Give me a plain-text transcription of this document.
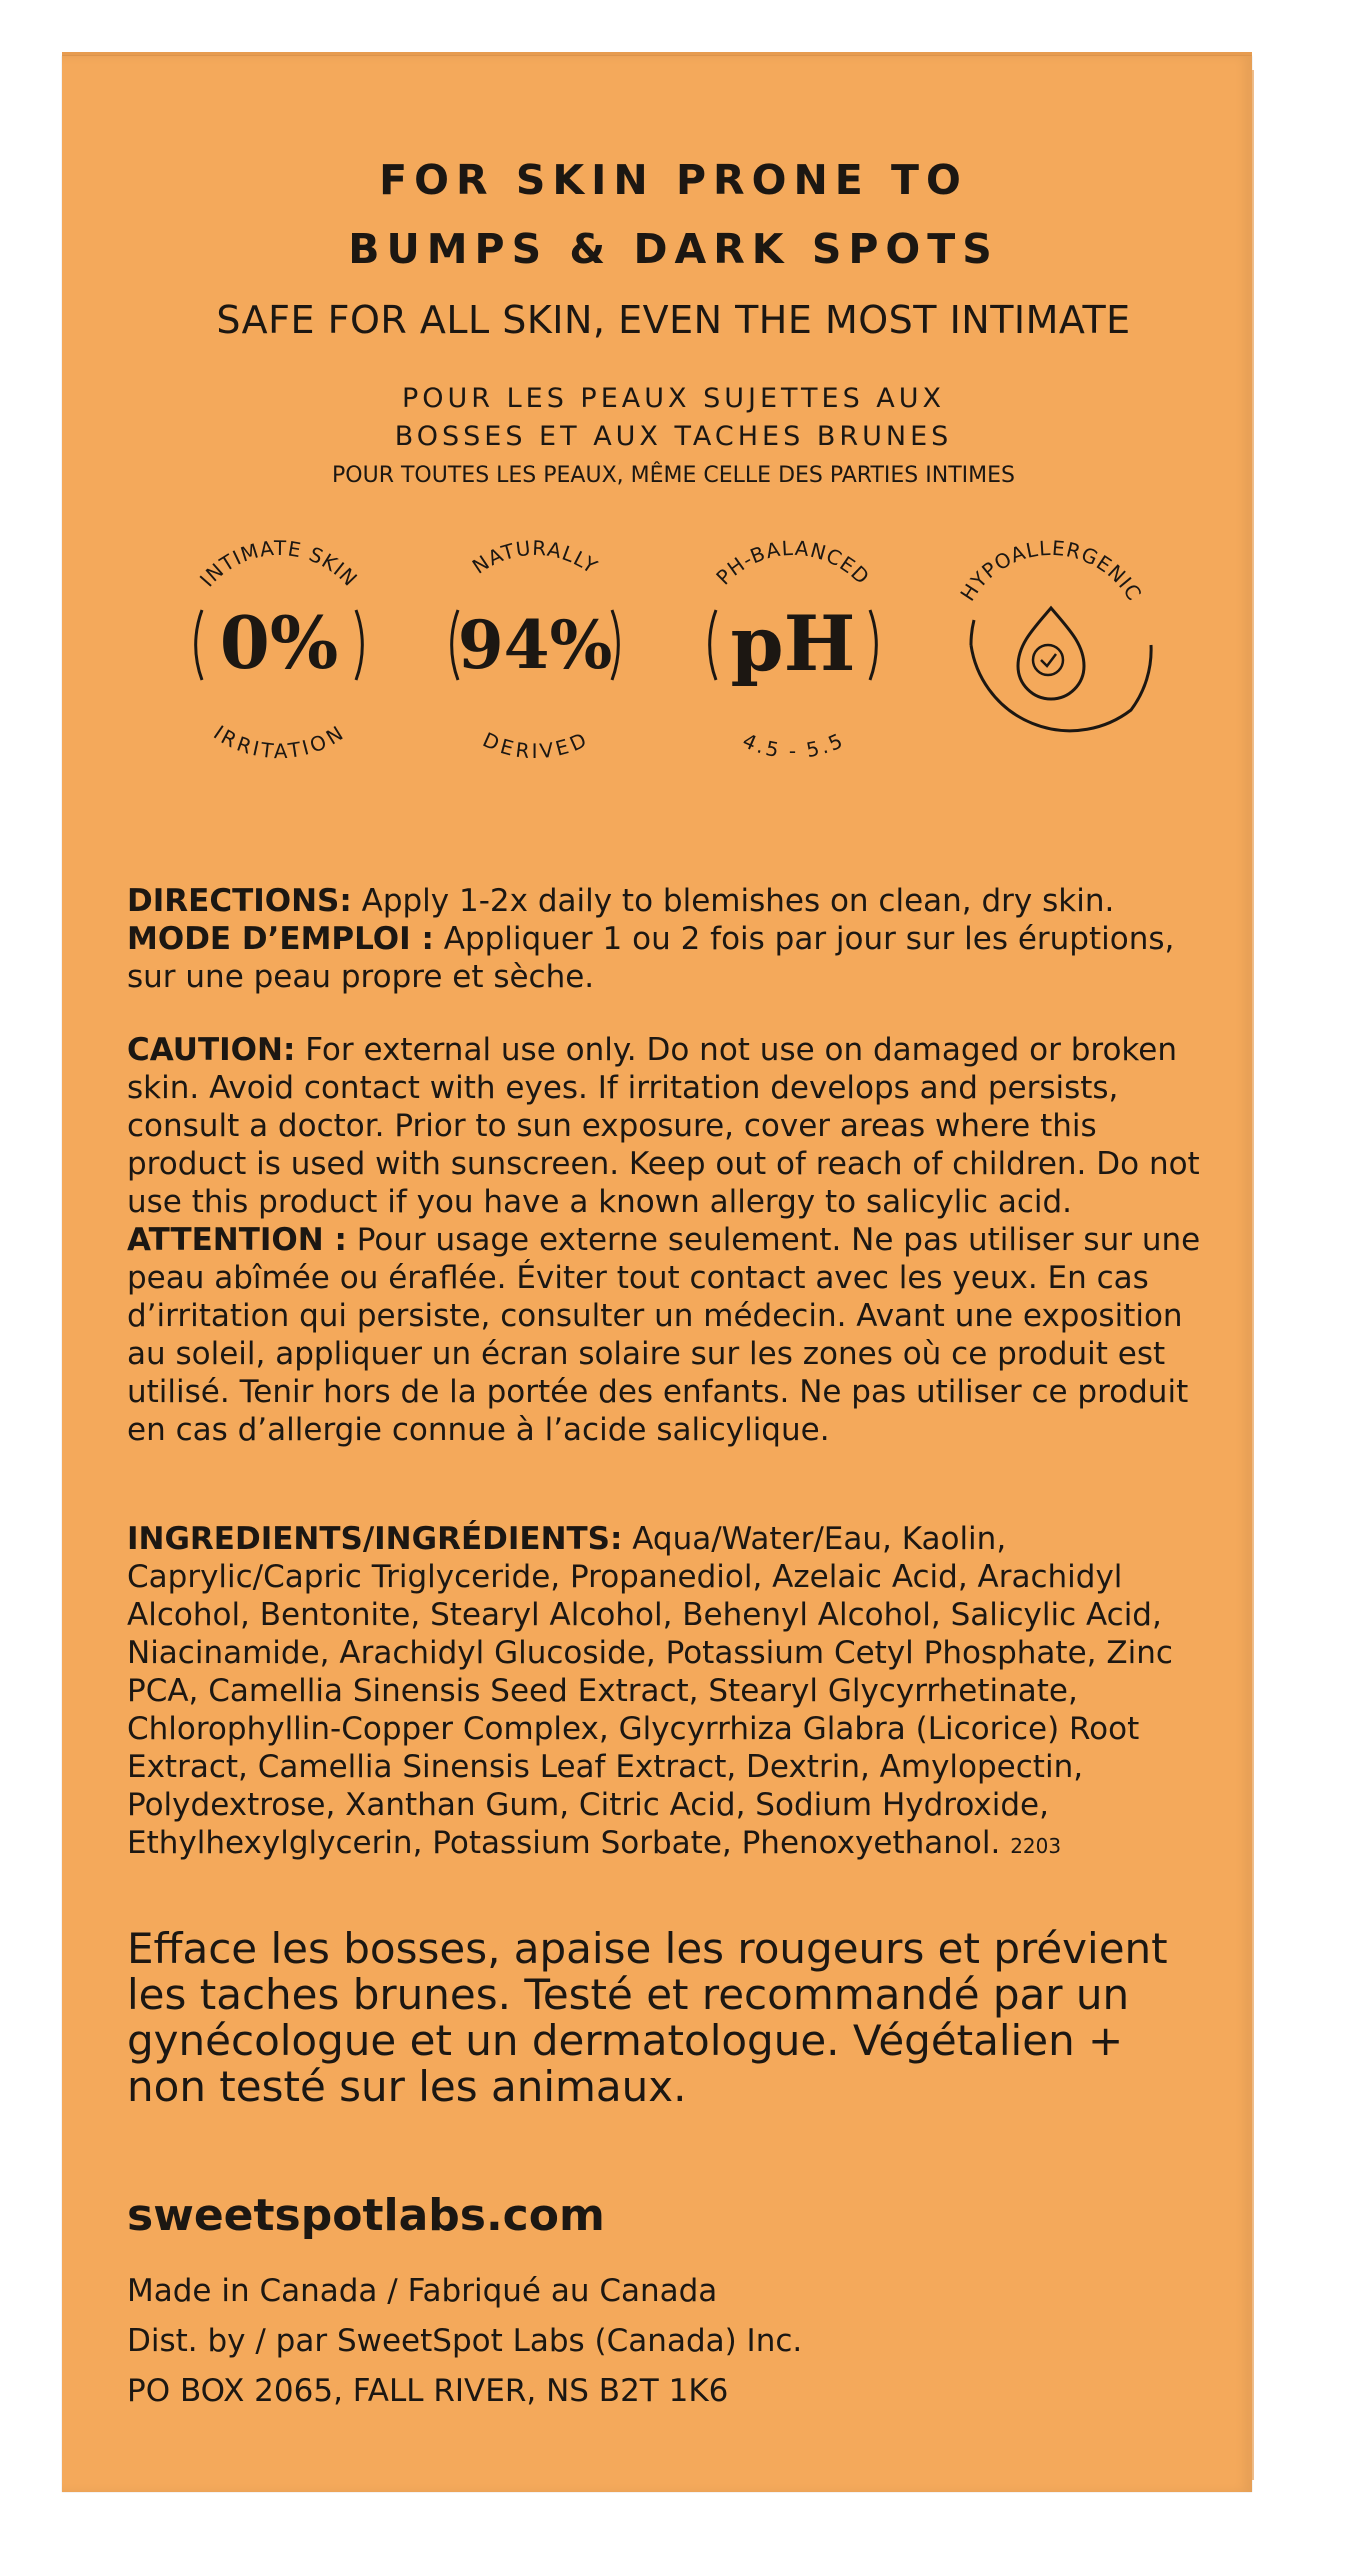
FOR SKIN PRONE TO
BUMPS & DARK SPOTS
SAFE FOR ALL SKIN, EVEN THE MOST INTIMATE
POUR LES PEAUX SUJETTES AUX
BOSSES ET AUX TACHES BRUNES
POUR TOUTES LES PEAUX, MÊME CELLE DES PARTIES INTIMES
INTIMATE SKIN
IRRITATION
0%
NATURALLY
DERIVED
94%
PH-BALANCED
4.5 - 5.5
pH
HYPOALLERGENIC
DIRECTIONS: Apply 1-2x daily to blemishes on clean, dry skin. MODE D’EMPLOI : Appliquer 1 ou 2 fois par jour sur les éruptions, sur une peau propre et sèche.
CAUTION: For external use only. Do not use on damaged or broken skin. Avoid contact with eyes. If irritation develops and persists, consult a doctor. Prior to sun exposure, cover areas where this product is used with sunscreen. Keep out of reach of children. Do not use this product if you have a known allergy to salicylic acid. ATTENTION : Pour usage externe seulement. Ne pas utiliser sur une peau abîmée ou éraflée. Éviter tout contact avec les yeux. En cas d’irritation qui persiste, consulter un médecin. Avant une exposition au soleil, appliquer un écran solaire sur les zones où ce produit est utilisé. Tenir hors de la portée des enfants. Ne pas utiliser ce produit en cas d’allergie connue à l’acide salicylique.
INGREDIENTS/INGRÉDIENTS: Aqua/Water/Eau, Kaolin, Caprylic/Capric Triglyceride, Propanediol, Azelaic Acid, Arachidyl Alcohol, Bentonite, Stearyl Alcohol, Behenyl Alcohol, Salicylic Acid, Niacinamide, Arachidyl Glucoside, Potassium Cetyl Phosphate, Zinc PCA, Camellia Sinensis Seed Extract, Stearyl Glycyrrhetinate, Chlorophyllin-Copper Complex, Glycyrrhiza Glabra (Licorice) Root Extract, Camellia Sinensis Leaf Extract, Dextrin, Amylopectin, Polydextrose, Xanthan Gum, Citric Acid, Sodium Hydroxide, Ethylhexylglycerin, Potassium Sorbate, Phenoxyethanol. 2203
Efface les bosses, apaise les rougeurs et prévient les taches brunes. Testé et recommandé par un gynécologue et un dermatologue. Végétalien + non testé sur les animaux.
sweetspotlabs.com
Made in Canada / Fabriqué au Canada
Dist. by / par SweetSpot Labs (Canada) Inc.
PO BOX 2065, FALL RIVER, NS B2T 1K6
